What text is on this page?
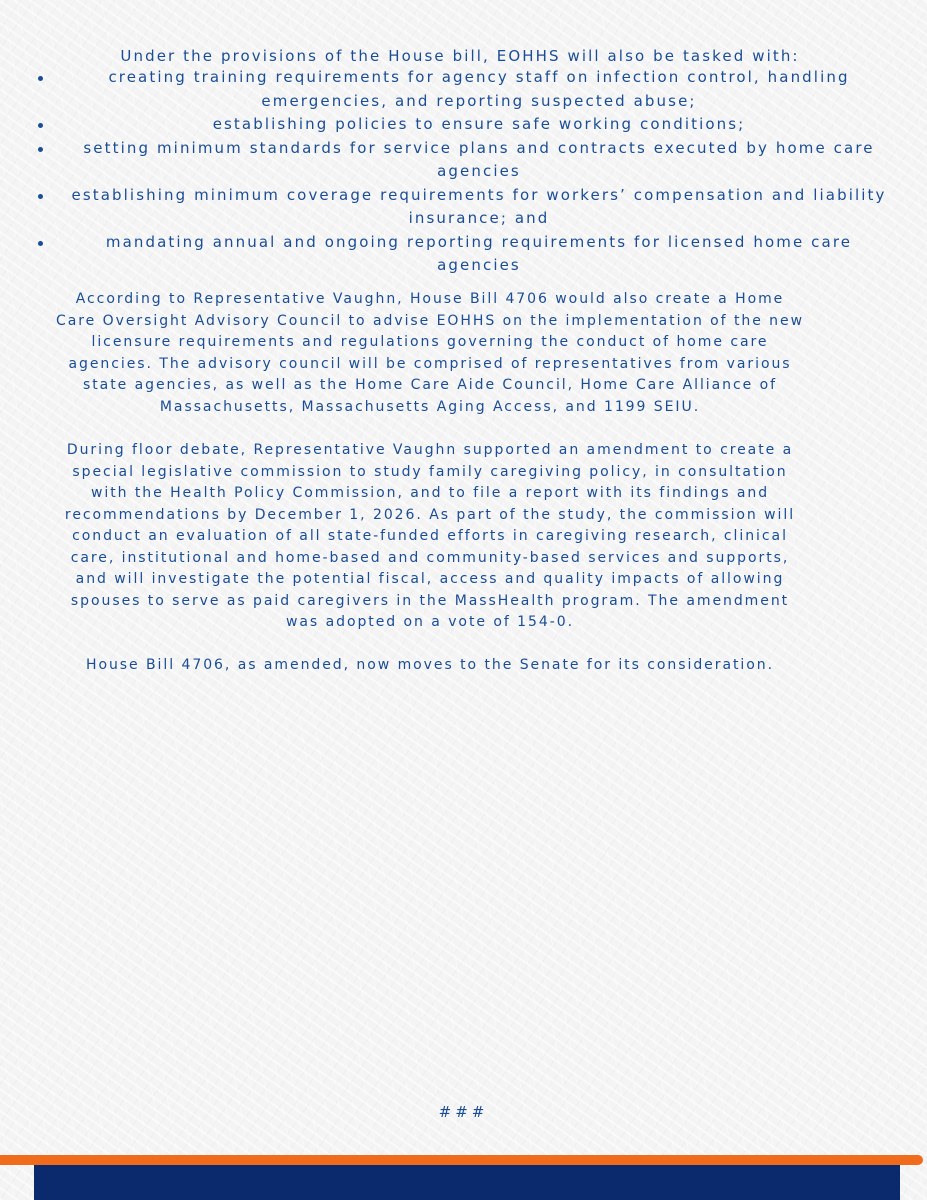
Under the provisions of the House bill, EOHHS will also be tasked with:

creating training requirements for agency staff on infection control, handling emergencies, and reporting suspected abuse;
establishing policies to ensure safe working conditions;
setting minimum standards for service plans and contracts executed by home care agencies
establishing minimum coverage requirements for workers’ compensation and liability insurance; and
mandating annual and ongoing reporting requirements for licensed home care agencies

According to Representative Vaughn, House Bill 4706 would also create a Home Care Oversight Advisory Council to advise EOHHS on the implementation of the new licensure requirements and regulations governing the conduct of home care agencies. The advisory council will be comprised of representatives from various state agencies, as well as the Home Care Aide Council, Home Care Alliance of Massachusetts, Massachusetts Aging Access, and 1199 SEIU.

During floor debate, Representative Vaughn supported an amendment to create a special legislative commission to study family caregiving policy, in consultation with the Health Policy Commission, and to file a report with its findings and recommendations by December 1, 2026. As part of the study, the commission will conduct an evaluation of all state-funded efforts in caregiving research, clinical care, institutional and home-based and community-based services and supports, and will investigate the potential fiscal, access and quality impacts of allowing spouses to serve as paid caregivers in the MassHealth program. The amendment was adopted on a vote of 154-0.

House Bill 4706, as amended, now moves to the Senate for its consideration.

###
